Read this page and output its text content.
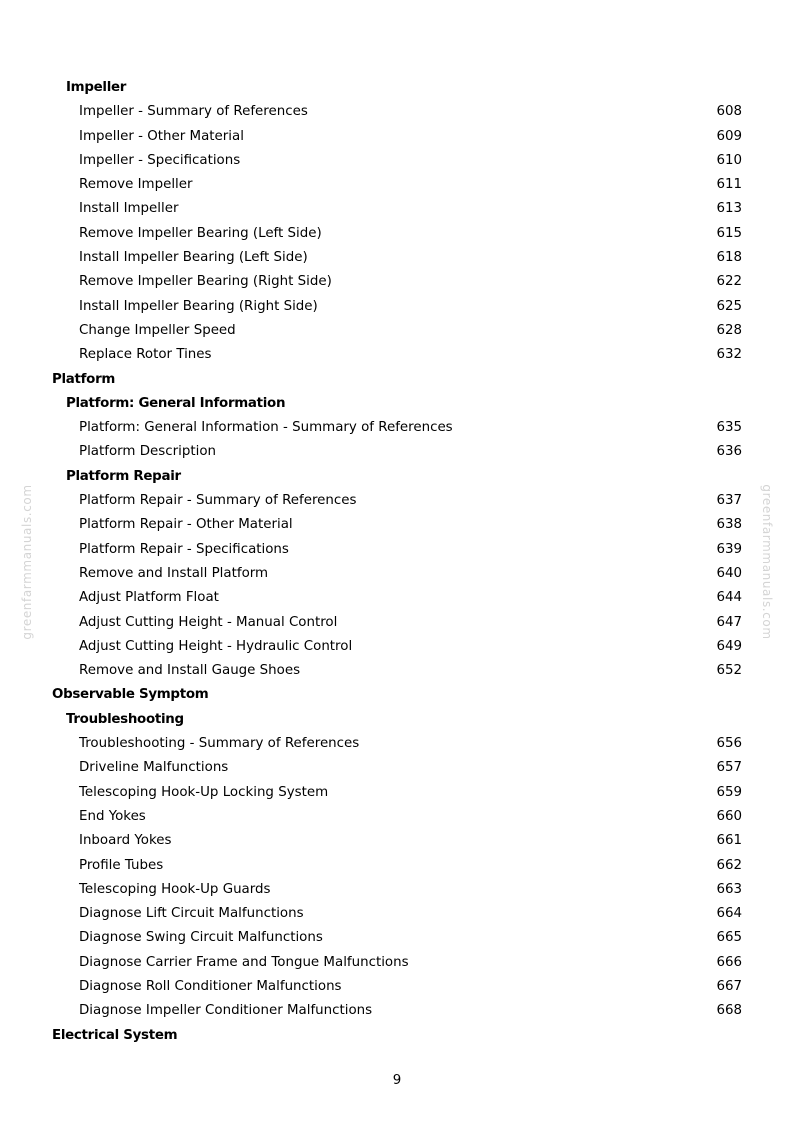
greenfarmmanuals.com	greenfarmmanuals.com
Impeller
Impeller - Summary of References	608
Impeller - Other Material	609
Impeller - Specifications	610
Remove Impeller	611
Install Impeller	613
Remove Impeller Bearing (Left Side)	615
Install Impeller Bearing (Left Side)	618
Remove Impeller Bearing (Right Side)	622
Install Impeller Bearing (Right Side)	625
Change Impeller Speed	628
Replace Rotor Tines	632
Platform
Platform: General Information
Platform: General Information - Summary of References	635
Platform Description	636
Platform Repair
Platform Repair - Summary of References	637
Platform Repair - Other Material	638
Platform Repair - Specifications	639
Remove and Install Platform	640
Adjust Platform Float	644
Adjust Cutting Height - Manual Control	647
Adjust Cutting Height - Hydraulic Control	649
Remove and Install Gauge Shoes	652
Observable Symptom
Troubleshooting
Troubleshooting - Summary of References	656
Driveline Malfunctions	657
Telescoping Hook-Up Locking System	659
End Yokes	660
Inboard Yokes	661
Profile Tubes	662
Telescoping Hook-Up Guards	663
Diagnose Lift Circuit Malfunctions	664
Diagnose Swing Circuit Malfunctions	665
Diagnose Carrier Frame and Tongue Malfunctions	666
Diagnose Roll Conditioner Malfunctions	667
Diagnose Impeller Conditioner Malfunctions	668
Electrical System
9
